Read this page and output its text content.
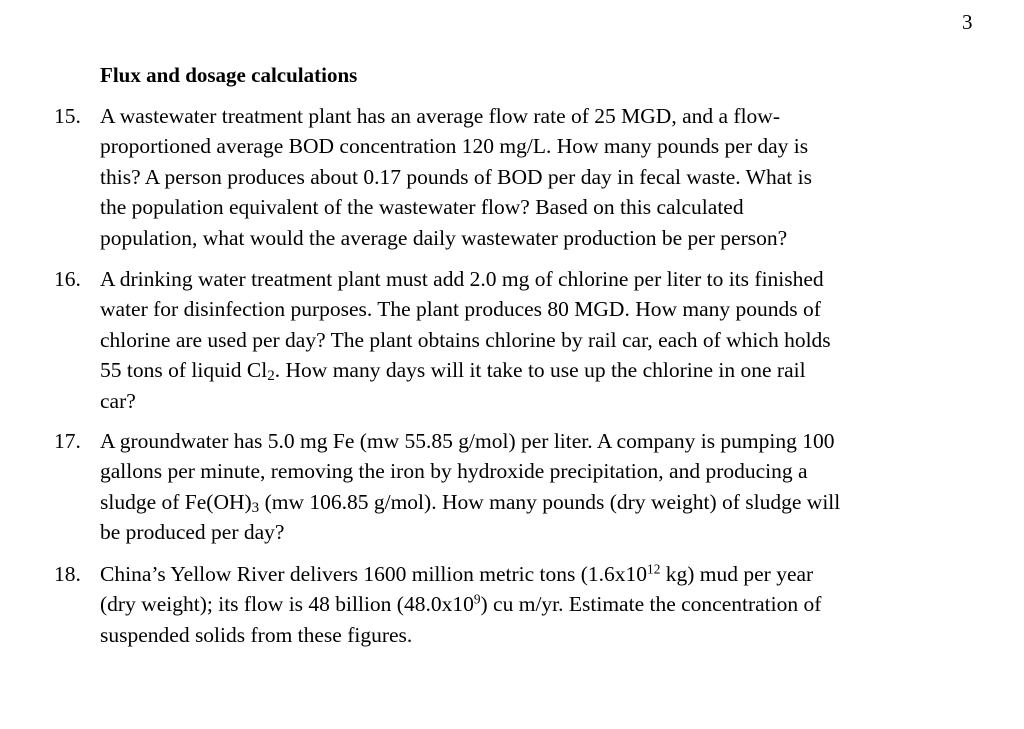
3
Flux and dosage calculations
15. A wastewater treatment plant has an average flow rate of 25 MGD, and a flow-
proportioned average BOD concentration 120 mg/L. How many pounds per day is
this? A person produces about 0.17 pounds of BOD per day in fecal waste. What is
the population equivalent of the wastewater flow? Based on this calculated
population, what would the average daily wastewater production be per person?
16. A drinking water treatment plant must add 2.0 mg of chlorine per liter to its finished
water for disinfection purposes. The plant produces 80 MGD. How many pounds of
chlorine are used per day? The plant obtains chlorine by rail car, each of which holds
55 tons of liquid Cl2. How many days will it take to use up the chlorine in one rail
car?
17. A groundwater has 5.0 mg Fe (mw 55.85 g/mol) per liter. A company is pumping 100
gallons per minute, removing the iron by hydroxide precipitation, and producing a
sludge of Fe(OH)3 (mw 106.85 g/mol). How many pounds (dry weight) of sludge will
be produced per day?
18. China’s Yellow River delivers 1600 million metric tons ($1.6x10^{12}$ kg) mud per year
(dry weight); its flow is 48 billion $(48.0x10^9)$ cu m/yr. Estimate the concentration of
suspended solids from these figures.
